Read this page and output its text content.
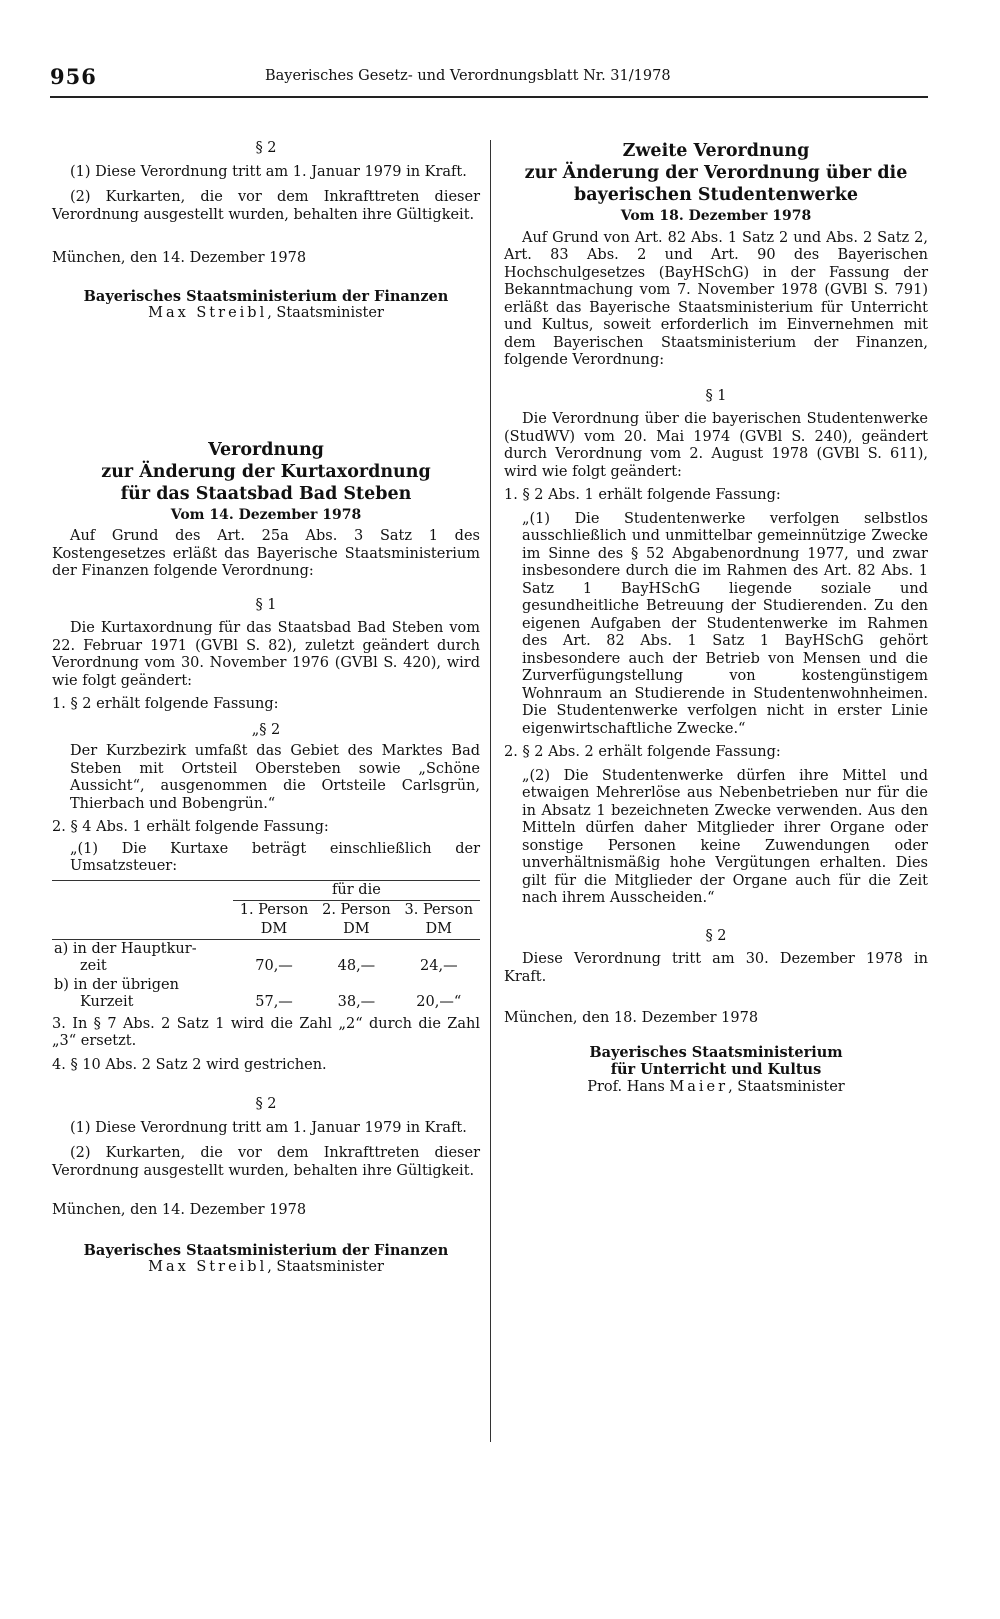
956	Bayerisches Gesetz- und Verordnungsblatt Nr. 31/1978

§ 2

(1) Diese Verordnung tritt am 1. Januar 1979 in Kraft.

(2) Kurkarten, die vor dem Inkrafttreten dieser Verordnung ausgestellt wurden, behalten ihre Gültigkeit.

München, den 14. Dezember 1978

Bayerisches Staatsministerium der Finanzen

Max Streibl, Staatsminister

Verordnung

zur Änderung der Kurtaxordnung

für das Staatsbad Bad Steben

Vom 14. Dezember 1978

Auf Grund des Art. 25a Abs. 3 Satz 1 des Kostengesetzes erläßt das Bayerische Staatsministerium der Finanzen folgende Verordnung:

§ 1

Die Kurtaxordnung für das Staatsbad Bad Steben vom 22. Februar 1971 (GVBl S. 82), zuletzt geändert durch Verordnung vom 30. November 1976 (GVBl S. 420), wird wie folgt geändert:

1. § 2 erhält folgende Fassung:

„§ 2

Der Kurzbezirk umfaßt das Gebiet des Marktes Bad Steben mit Ortsteil Obersteben sowie „Schöne Aussicht“, ausgenommen die Ortsteile Carlsgrün, Thierbach und Bobengrün.“

2. § 4 Abs. 1 erhält folgende Fassung:

„(1) Die Kurtaxe beträgt einschließlich der Umsatzsteuer:

	für die		
	1. Person	2. Person	3. Person
	DM	DM	DM
a) in der Hauptkur-
zeit	70,—	48,—	24,—
b) in der übrigen
Kurzeit	57,—	38,—	20,—“

3. In § 7 Abs. 2 Satz 1 wird die Zahl „2“ durch die Zahl „3“ ersetzt.

4. § 10 Abs. 2 Satz 2 wird gestrichen.

§ 2

(1) Diese Verordnung tritt am 1. Januar 1979 in Kraft.

(2) Kurkarten, die vor dem Inkrafttreten dieser Verordnung ausgestellt wurden, behalten ihre Gültigkeit.

München, den 14. Dezember 1978

Bayerisches Staatsministerium der Finanzen

Max Streibl, Staatsminister

Zweite Verordnung

zur Änderung der Verordnung über die

bayerischen Studentenwerke

Vom 18. Dezember 1978

Auf Grund von Art. 82 Abs. 1 Satz 2 und Abs. 2 Satz 2, Art. 83 Abs. 2 und Art. 90 des Bayerischen Hochschulgesetzes (BayHSchG) in der Fassung der Bekanntmachung vom 7. November 1978 (GVBl S. 791) erläßt das Bayerische Staatsministerium für Unterricht und Kultus, soweit erforderlich im Einvernehmen mit dem Bayerischen Staatsministerium der Finanzen, folgende Verordnung:

§ 1

Die Verordnung über die bayerischen Studentenwerke (StudWV) vom 20. Mai 1974 (GVBl S. 240), geändert durch Verordnung vom 2. August 1978 (GVBl S. 611), wird wie folgt geändert:

1. § 2 Abs. 1 erhält folgende Fassung:

„(1) Die Studentenwerke verfolgen selbstlos ausschließlich und unmittelbar gemeinnützige Zwecke im Sinne des § 52 Abgabenordnung 1977, und zwar insbesondere durch die im Rahmen des Art. 82 Abs. 1 Satz 1 BayHSchG liegende soziale und gesundheitliche Betreuung der Studierenden. Zu den eigenen Aufgaben der Studentenwerke im Rahmen des Art. 82 Abs. 1 Satz 1 BayHSchG gehört insbesondere auch der Betrieb von Mensen und die Zurverfügungstellung von kostengünstigem Wohnraum an Studierende in Studentenwohnheimen. Die Studentenwerke verfolgen nicht in erster Linie eigenwirtschaftliche Zwecke.“

2. § 2 Abs. 2 erhält folgende Fassung:

„(2) Die Studentenwerke dürfen ihre Mittel und etwaigen Mehrerlöse aus Nebenbetrieben nur für die in Absatz 1 bezeichneten Zwecke verwenden. Aus den Mitteln dürfen daher Mitglieder ihrer Organe oder sonstige Personen keine Zuwendungen oder unverhältnismäßig hohe Vergütungen erhalten. Dies gilt für die Mitglieder der Organe auch für die Zeit nach ihrem Ausscheiden.“

§ 2

Diese Verordnung tritt am 30. Dezember 1978 in Kraft.

München, den 18. Dezember 1978

Bayerisches Staatsministerium

für Unterricht und Kultus

Prof. Hans Maier, Staatsminister
